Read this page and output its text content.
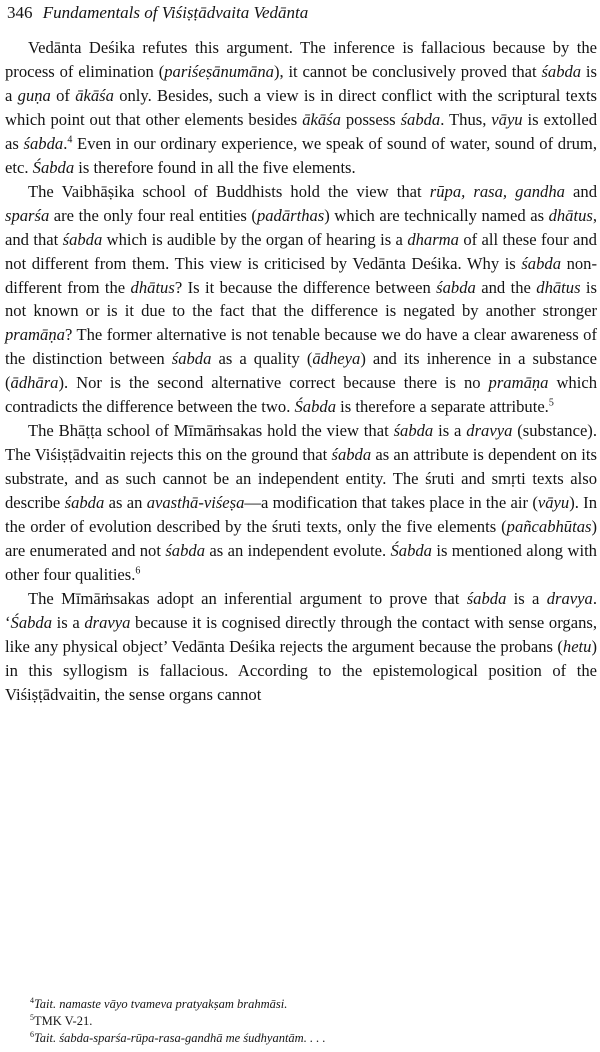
346 Fundamentals of Viśiṣṭādvaita Vedānta

Vedānta Deśika refutes this argument. The inference is fallacious because by the process of elimination (pariśeṣānumāna), it cannot be conclusively proved that śabda is a guṇa of ākāśa only. Besides, such a view is in direct conflict with the scriptural texts which point out that other elements besides ākāśa possess śabda. Thus, vāyu is extolled as śabda.$^4$ Even in our ordinary experience, we speak of sound of water, sound of drum, etc. Śabda is therefore found in all the five elements.

The Vaibhāṣika school of Buddhists hold the view that rūpa, rasa, gandha and sparśa are the only four real entities (padārthas) which are technically named as dhātus, and that śabda which is audible by the organ of hearing is a dharma of all these four and not different from them. This view is criticised by Vedānta Deśika. Why is śabda non-different from the dhātus? Is it because the difference between śabda and the dhātus is not known or is it due to the fact that the difference is negated by another stronger pramāṇa? The former alternative is not tenable because we do have a clear awareness of the distinction between śabda as a quality (ādheya) and its inherence in a substance (ādhāra). Nor is the second alternative correct because there is no pramāṇa which contradicts the difference between the two. Śabda is therefore a separate attribute.$^5$

The Bhāṭṭa school of Mīmāṁsakas hold the view that śabda is a dravya (substance). The Viśiṣṭādvaitin rejects this on the ground that śabda as an attribute is dependent on its substrate, and as such cannot be an independent entity. The śruti and smṛti texts also describe śabda as an avasthā-viśeṣa—a modification that takes place in the air (vāyu). In the order of evolution described by the śruti texts, only the five elements (pañcabhūtas) are enumerated and not śabda as an independent evolute. Śabda is mentioned along with other four qualities.$^6$

The Mīmāṁsakas adopt an inferential argument to prove that śabda is a dravya. ‘Śabda is a dravya because it is cognised directly through the contact with sense organs, like any physical object’ Vedānta Deśika rejects the argument because the probans (hetu) in this syllogism is fallacious. According to the epistemological position of the Viśiṣṭādvaitin, the sense organs cannot

$^4$Tait. namaste vāyo tvameva pratyakṣam brahmāsi.
$^5$TMK V-21.
$^6$Tait. śabda-sparśa-rūpa-rasa-gandhā me śudhyantām. . . .
